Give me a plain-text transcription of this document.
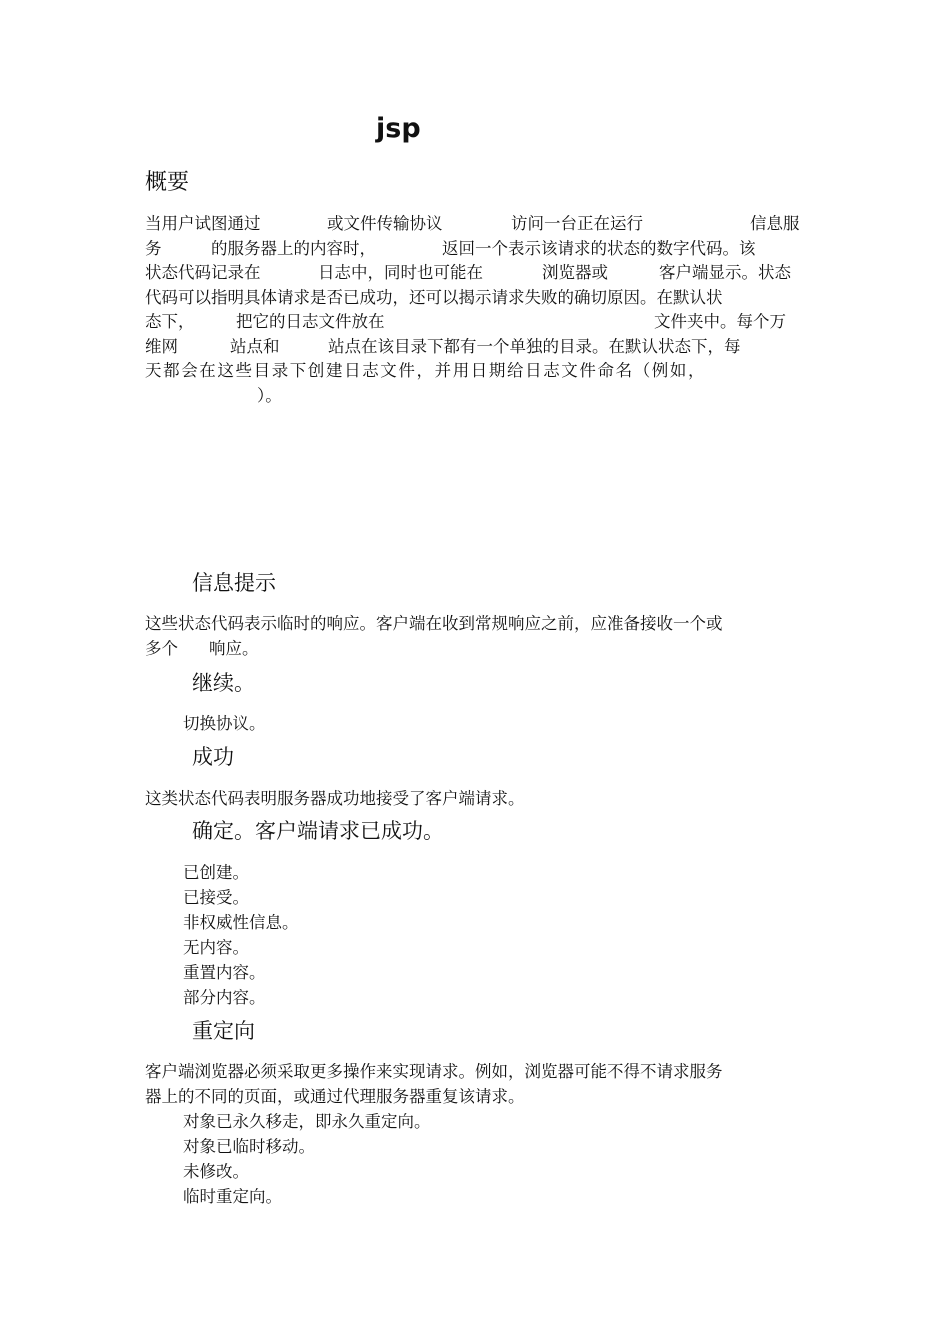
jsp
概要
当用户试图通过	或文件传输协议	访问一台正在运行	信息服
务	的服务器上的内容时，	返回一个表示该请求的状态的数字代码。该
状态代码记录在	日志中，同时也可能在	浏览器或	客户端显示。状态
代码可以指明具体请求是否已成功，还可以揭示请求失败的确切原因。在默认状
态下，	把它的日志文件放在	文件夹中。每个万
维网	站点和	站点在该目录下都有一个单独的目录。在默认状态下，每
天都会在这些目录下创建日志文件，并用日期给日志文件命名（例如，
）。
信息提示
这些状态代码表示临时的响应。客户端在收到常规响应之前，应准备接收一个或
多个 响应。
继续。
切换协议。
成功
这类状态代码表明服务器成功地接受了客户端请求。
确定。客户端请求已成功。
已创建。
已接受。
非权威性信息。
无内容。
重置内容。
部分内容。
重定向
客户端浏览器必须采取更多操作来实现请求。例如，浏览器可能不得不请求服务
器上的不同的页面，或通过代理服务器重复该请求。
对象已永久移走，即永久重定向。
对象已临时移动。
未修改。
临时重定向。
